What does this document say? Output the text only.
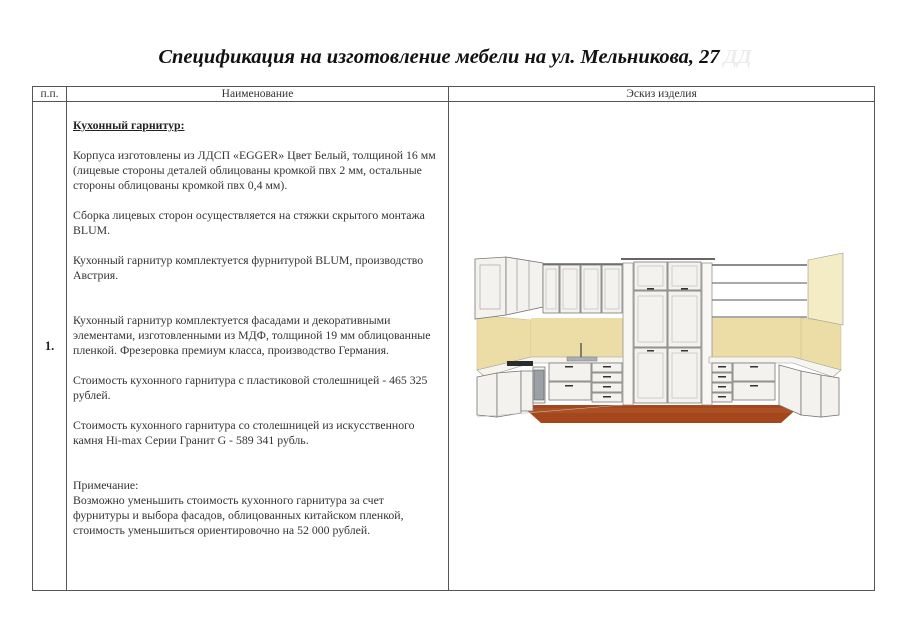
Спецификация на изготовление мебели на ул. Мельникова, 27 ДД
п.п.	Наименование	Эскиз изделия
1.	

Кухонный гарнитур:

Корпуса изготовлены из ЛДСП «EGGER» Цвет Белый, толщиной 16 мм (лицевые стороны деталей облицованы кромкой пвх 2 мм, остальные стороны облицованы кромкой пвх 0,4 мм).

Сборка лицевых сторон осуществляется на стяжки скрытого монтажа BLUM.

Кухонный гарнитур комплектуется фурнитурой BLUM, производство Австрия.

Кухонный гарнитур комплектуется фасадами и декоративными элементами, изготовленными из МДФ, толщиной 19 мм облицованные пленкой. Фрезеровка премиум класса, производство Германия.

Стоимость кухонного гарнитура с пластиковой столешницей - 465 325 рублей.

Стоимость кухонного гарнитура со столешницей из искусственного камня Hi-max Серии Гранит G - 589 341 рубль.

Примечание:
Возможно уменьшить стоимость кухонного гарнитура за счет фурнитуры и выбора фасадов, облицованных китайском пленкой, стоимость уменьшиться ориентировочно на 52 000 рублей.
